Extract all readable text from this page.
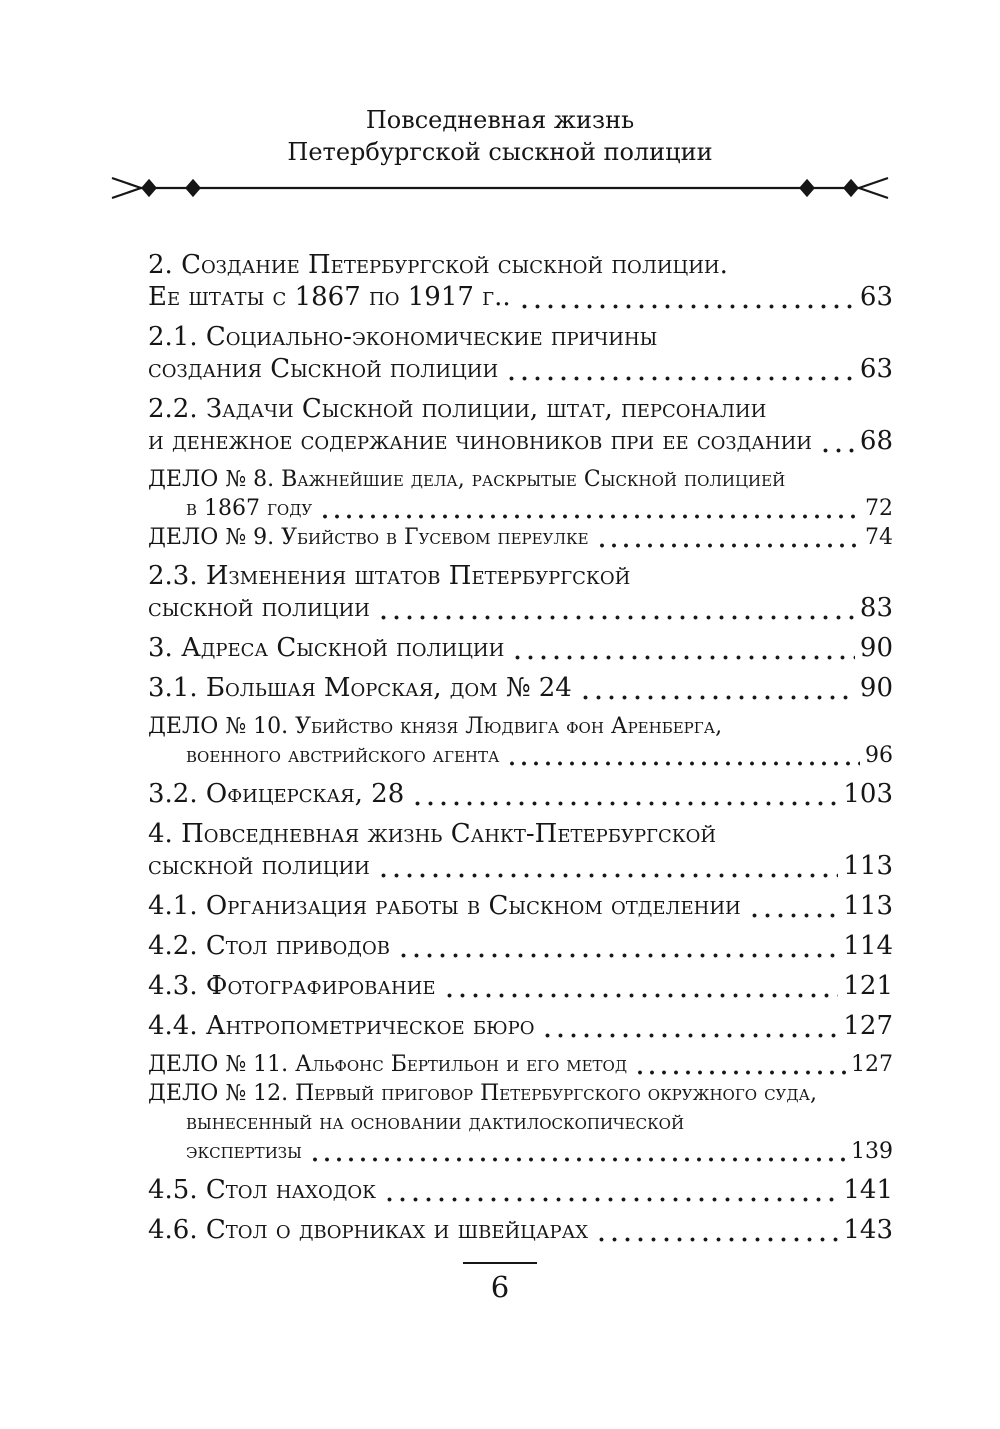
Повседневная жизнь
Петербургской сыскной полиции
2. Создание Петербургской сыскной полиции.
Ее штаты с 1867 по 1917 г..	63
2.1. Социально-экономические причины
создания Сыскной полиции	63
2.2. Задачи Сыскной полиции, штат, персоналии
и денежное содержание чиновников при ее создании 68
ДЕЛО № 8. Важнейшие дела, раскрытые Сыскной полицией
в 1867 году	72
ДЕЛО № 9. Убийство в Гусевом переулке	74
2.3. Изменения штатов Петербургской
сыскной полиции	83
3. Адреса Сыскной полиции	90
3.1. Большая Морская, дом № 24	90
ДЕЛО № 10. Убийство князя Людвига фон Аренберга,
военного австрийского агента	96
3.2. Офицерская, 28	103
4. Повседневная жизнь Санкт-Петербургской
сыскной полиции	113
4.1. Организация работы в Сыскном отделении	113
4.2. Стол приводов	114
4.3. Фотографирование	121
4.4. Антропометрическое бюро	127
ДЕЛО № 11. Альфонс Бертильон и его метод	127
ДЕЛО № 12. Первый приговор Петербургского окружного суда,
вынесенный на основании дактилоскопической
экспертизы	139
4.5. Стол находок	141
4.6. Стол о дворниках и швейцарах	143
6
